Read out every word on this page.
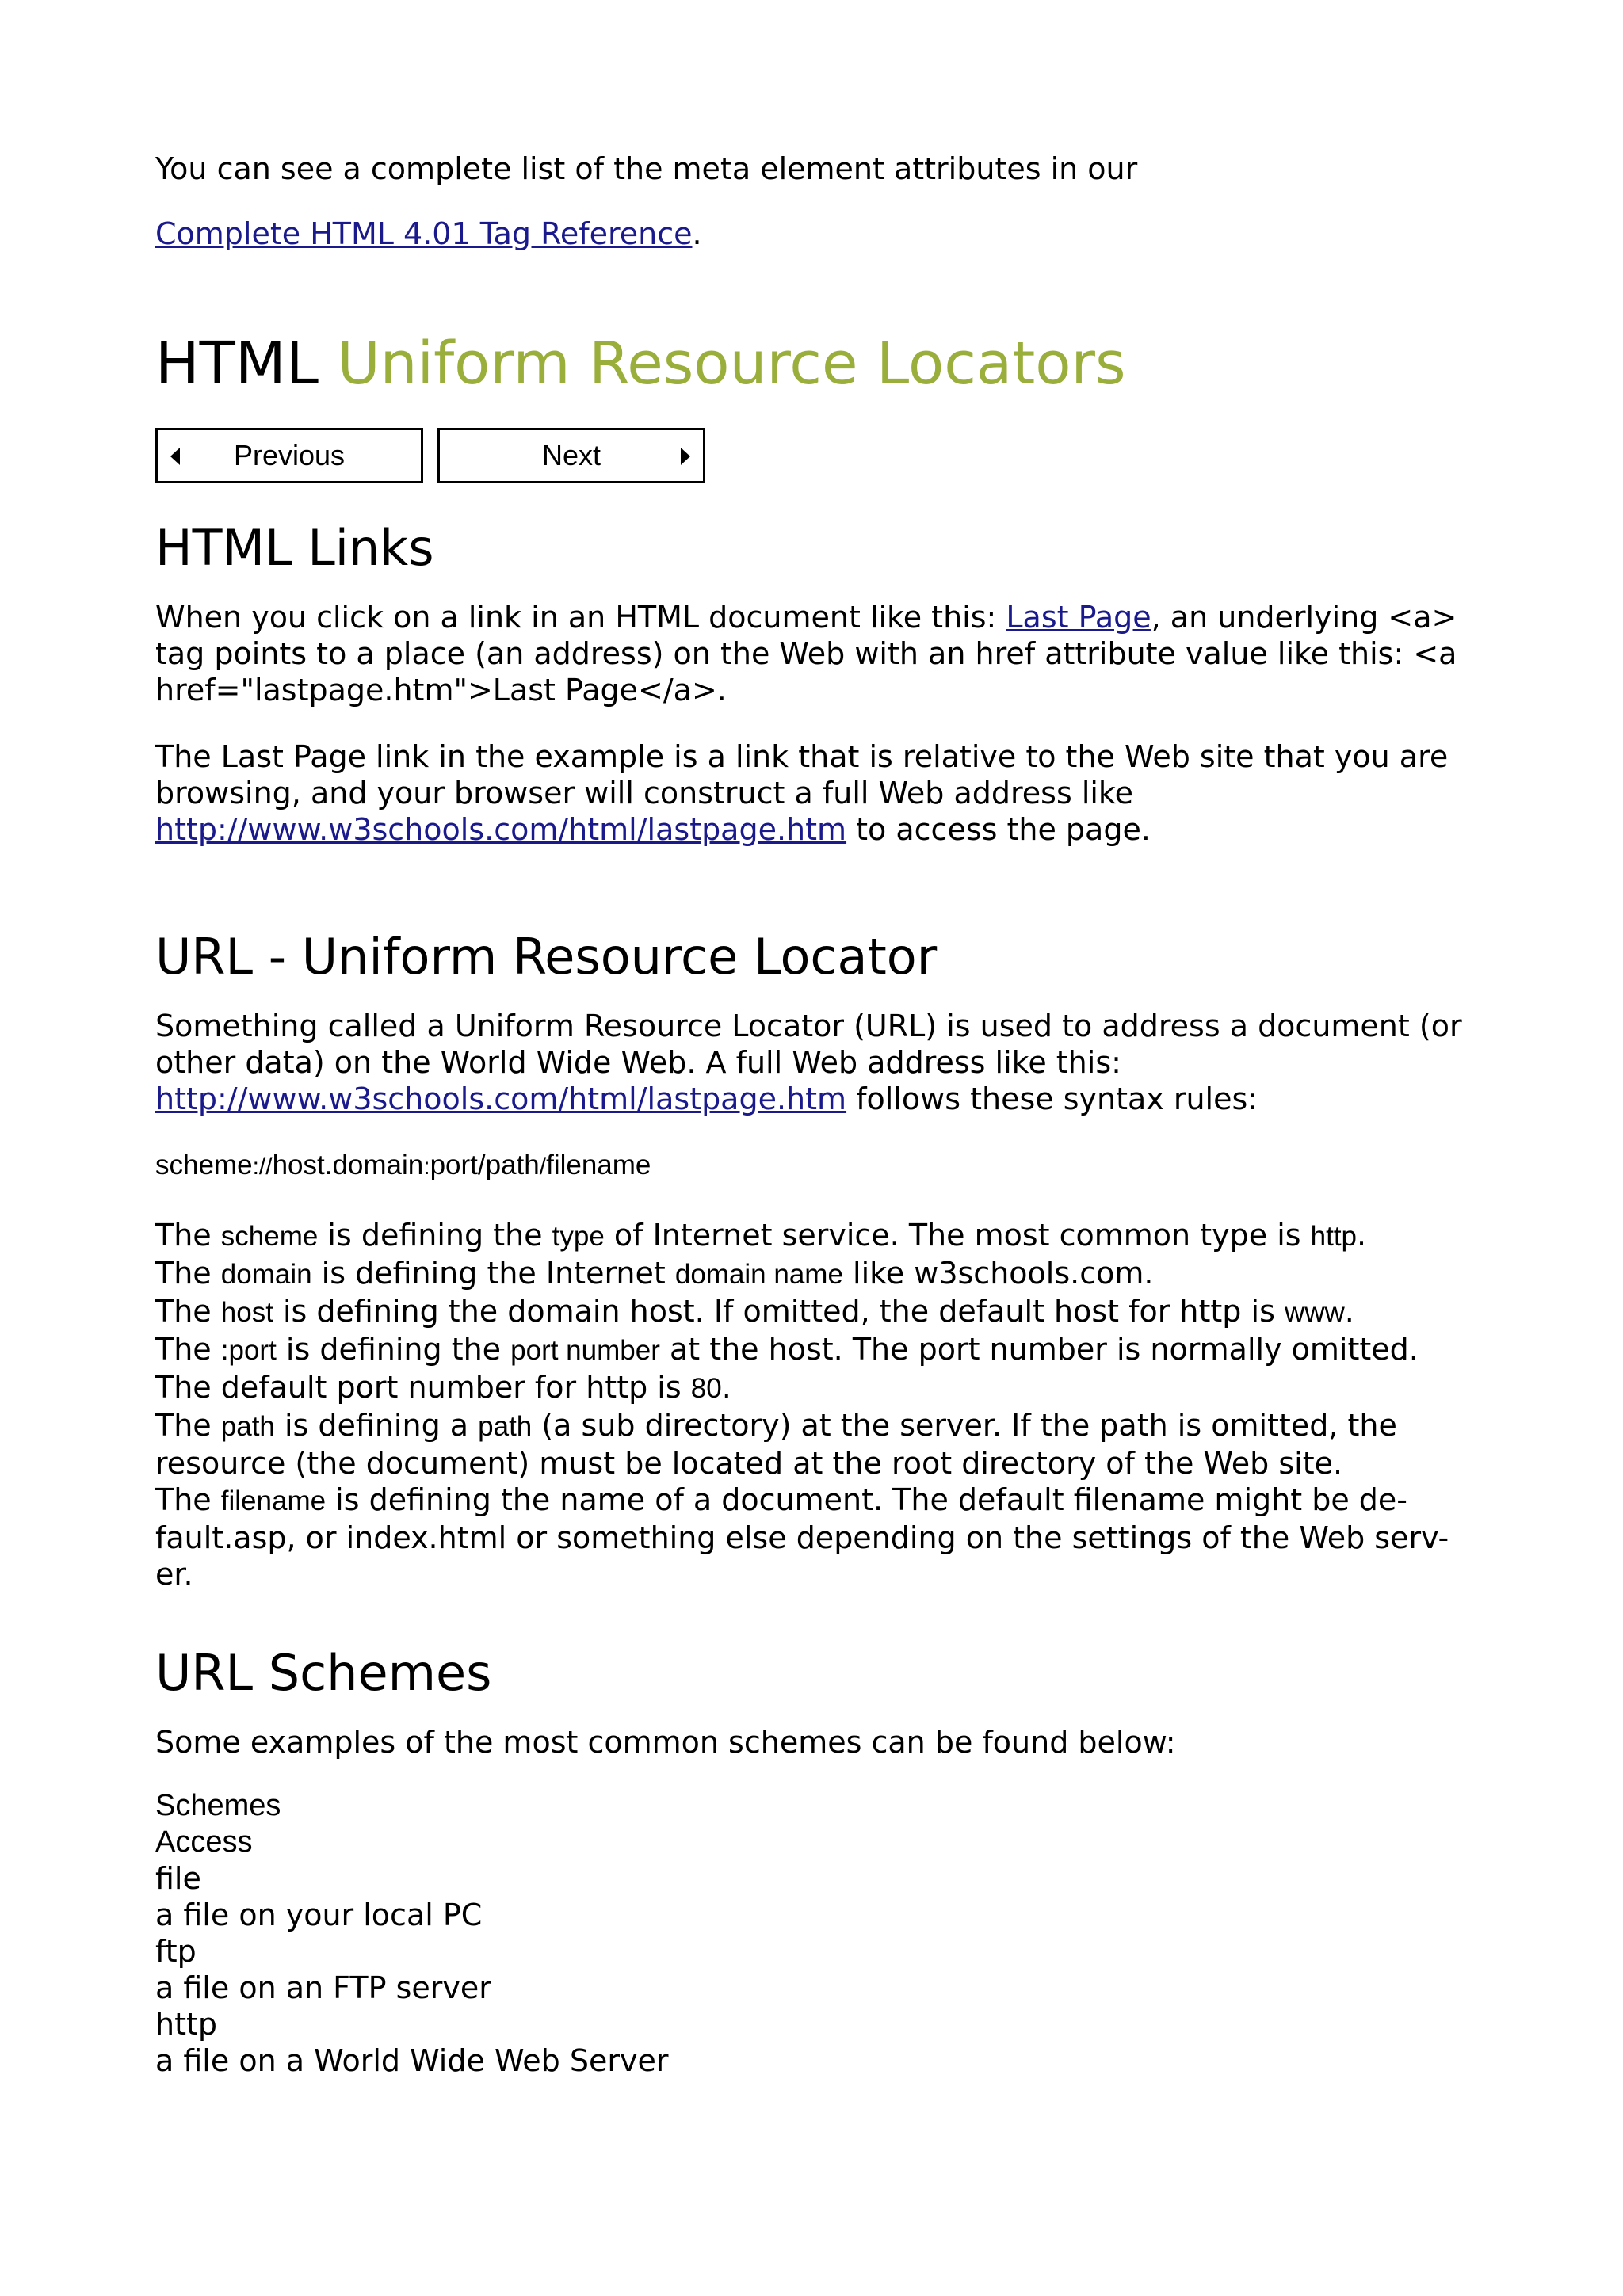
You can see a complete list of the meta element attributes in our

Complete HTML 4.01 Tag Reference.

HTML Uniform Resource Locators
Previous	Next
HTML Links

When you click on a link in an HTML document like this: Last Page, an underlying <a> tag points to a place (an address) on the Web with an href attribute value like this: <a href="lastpage.htm">Last Page</a>.

The Last Page link in the example is a link that is relative to the Web site that you are browsing, and your browser will construct a full Web address like http://www.w3schools.com/html/lastpage.htm to access the page.

URL - Uniform Resource Locator

Something called a Uniform Resource Locator (URL) is used to address a document (or other data) on the World Wide Web. A full Web address like this: http://www.w3schools.com/html/lastpage.htm follows these syntax rules:

scheme://host.domain:port/path/filename

The scheme is defining the type of Internet service. The most common type is http.

The domain is defining the Internet domain name like w3schools.com.

The host is defining the domain host. If omitted, the default host for http is www.

The :port is defining the port number at the host. The port number is normally omitted. The default port number for http is 80.

The path is defining a path (a sub directory) at the server. If the path is omitted, the resource (the document) must be located at the root directory of the Web site.

The filename is defining the name of a document. The default filename might be de-fault.asp, or index.html or something else depending on the settings of the Web serv-er.

URL Schemes

Some examples of the most common schemes can be found below:

Schemes
Access

file

a file on your local PC

ftp

a file on an FTP server

http

a file on a World Wide Web Server
